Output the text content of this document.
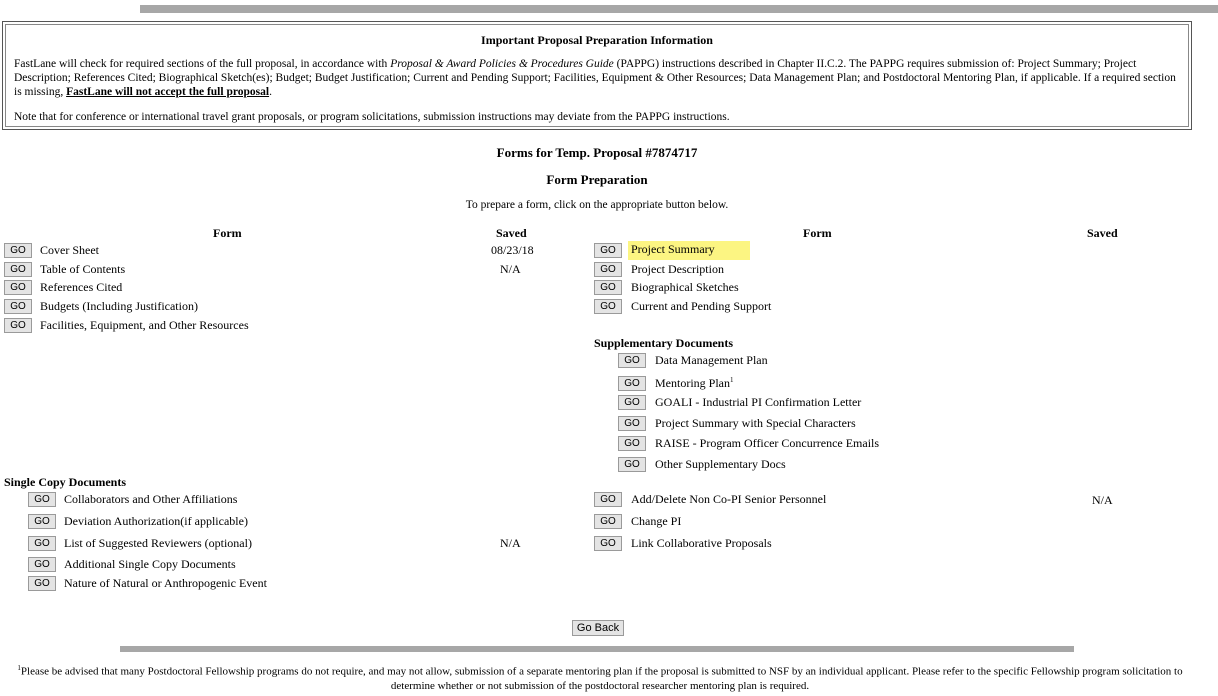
Important Proposal Preparation Information
FastLane will check for required sections of the full proposal, in accordance with Proposal & Award Policies & Procedures Guide (PAPPG) instructions described in Chapter II.C.2. The PAPPG requires submission of: Project Summary; Project Description; References Cited; Biographical Sketch(es); Budget; Budget Justification; Current and Pending Support; Facilities, Equipment & Other Resources; Data Management Plan; and Postdoctoral Mentoring Plan, if applicable. If a required section is missing, FastLane will not accept the full proposal.
Note that for conference or international travel grant proposals, or program solicitations, submission instructions may deviate from the PAPPG instructions.
Forms for Temp. Proposal #7874717
Form Preparation
To prepare a form, click on the appropriate button below.
Form	Saved	Form	Saved
GO	Cover Sheet	08/23/18
GO	Table of Contents	N/A
GO	References Cited
GO	Budgets (Including Justification)
GO	Facilities, Equipment, and Other Resources
GO	Project Summary
GO	Project Description
GO	Biographical Sketches
GO	Current and Pending Support
Supplementary Documents
GO	Data Management Plan
GO	Mentoring Plan$^1$
GO	GOALI - Industrial PI Confirmation Letter
GO	Project Summary with Special Characters
GO	RAISE - Program Officer Concurrence Emails
GO	Other Supplementary Docs
Single Copy Documents
GO	Collaborators and Other Affiliations
GO	Deviation Authorization(if applicable)
GO	List of Suggested Reviewers (optional)	N/A
GO	Additional Single Copy Documents
GO	Nature of Natural or Anthropogenic Event
GO	Add/Delete Non Co-PI Senior Personnel	N/A
GO	Change PI
GO	Link Collaborative Proposals
Go Back
$^1$Please be advised that many Postdoctoral Fellowship programs do not require, and may not allow, submission of a separate mentoring plan if the proposal is submitted to NSF by an individual applicant. Please refer to the specific Fellowship program solicitation to determine whether or not submission of the postdoctoral researcher mentoring plan is required.
